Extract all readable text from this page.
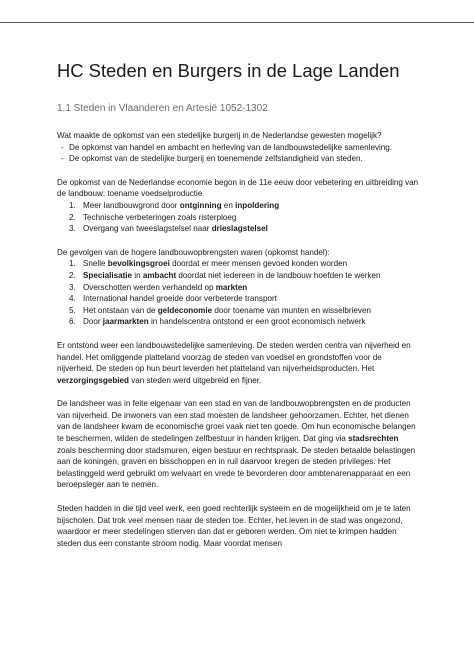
HC Steden en Burgers in de Lage Landen
1.1 Steden in Vlaanderen en Artesië 1052-1302

Wat maakte de opkomst van een stedelijke burgerij in de Nederlandse gewesten mogelijk?

- De opkomst van handel en ambacht en herleving van de landbouwstedelijke samenleving.
- De opkomst van de stedelijke burgerij en toenemende zelfstandigheid van steden.

De opkomst van de Nederlandse economie begon in de 11e eeuw door vebetering en uitbreiding van de landbouw: toename voedselproductie

1. Meer landbouwgrond door ontginning en inpoldering
2. Technische verbeteringen zoals risterploeg
3. Overgang van tweeslagstelsel naar drieslagstelsel

De gevolgen van de hogere landbouwopbrengsten waren (opkomst handel):

1. Snelle bevolkingsgroei doordat er meer mensen gevoed konden worden
2. Specialisatie in ambacht doordat niet iedereen in de landbouw hoefden te werken
3. Overschotten werden verhandeld op markten
4. International handel groeide door verbeterde transport
5. Het ontstaan van de geldeconomie door toename van munten en wisselbrieven
6. Door jaarmarkten in handelscentra ontstond er een groot economisch netwerk

Er ontstond weer een landbouwstedelijke samenleving. De steden werden centra van nijverheid en handel. Het omliggende platteland voorzag de steden van voedsel en grondstoffen voor de nijverheid. De steden op hun beurt leverden het platteland van nijverheidsproducten. Het verzorgingsgebied van steden werd uitgebreid en fijner.

De landsheer was in feite eigenaar van een stad en van de landbouwopbrengsten en de producten van nijverheid. De inwoners van een stad moesten de landsheer gehoorzamen. Echter, het dienen van de landsheer kwam de economische groei vaak niet ten goede. Om hun economische belangen te beschermen, wilden de stedelingen zelfbestuur in handen krijgen. Dat ging via stadsrechten zoals bescherming door stadsmuren, eigen bestuur en rechtspraak. De steden betaalde belastingen aan de koningen, graven en bisschoppen en in ruil daarvoor kregen de steden privileges. Het belastinggeld werd gebruikt om welvaart en vrede te bevorderen door ambtenarenapparaat en een beroepsleger aan te nemen.

Steden hadden in die tijd veel werk, een goed rechterlijk systeem en de mogelijkheid om je te laten bijscholen. Dat trok veel mensen naar de steden toe. Echter, het leven in de stad was ongezond, waardoor er meer stedelingen stierven dan dat er geboren werden. Om niet te krimpen hadden steden dus een constante stroom nodig. Maar voordat mensen
